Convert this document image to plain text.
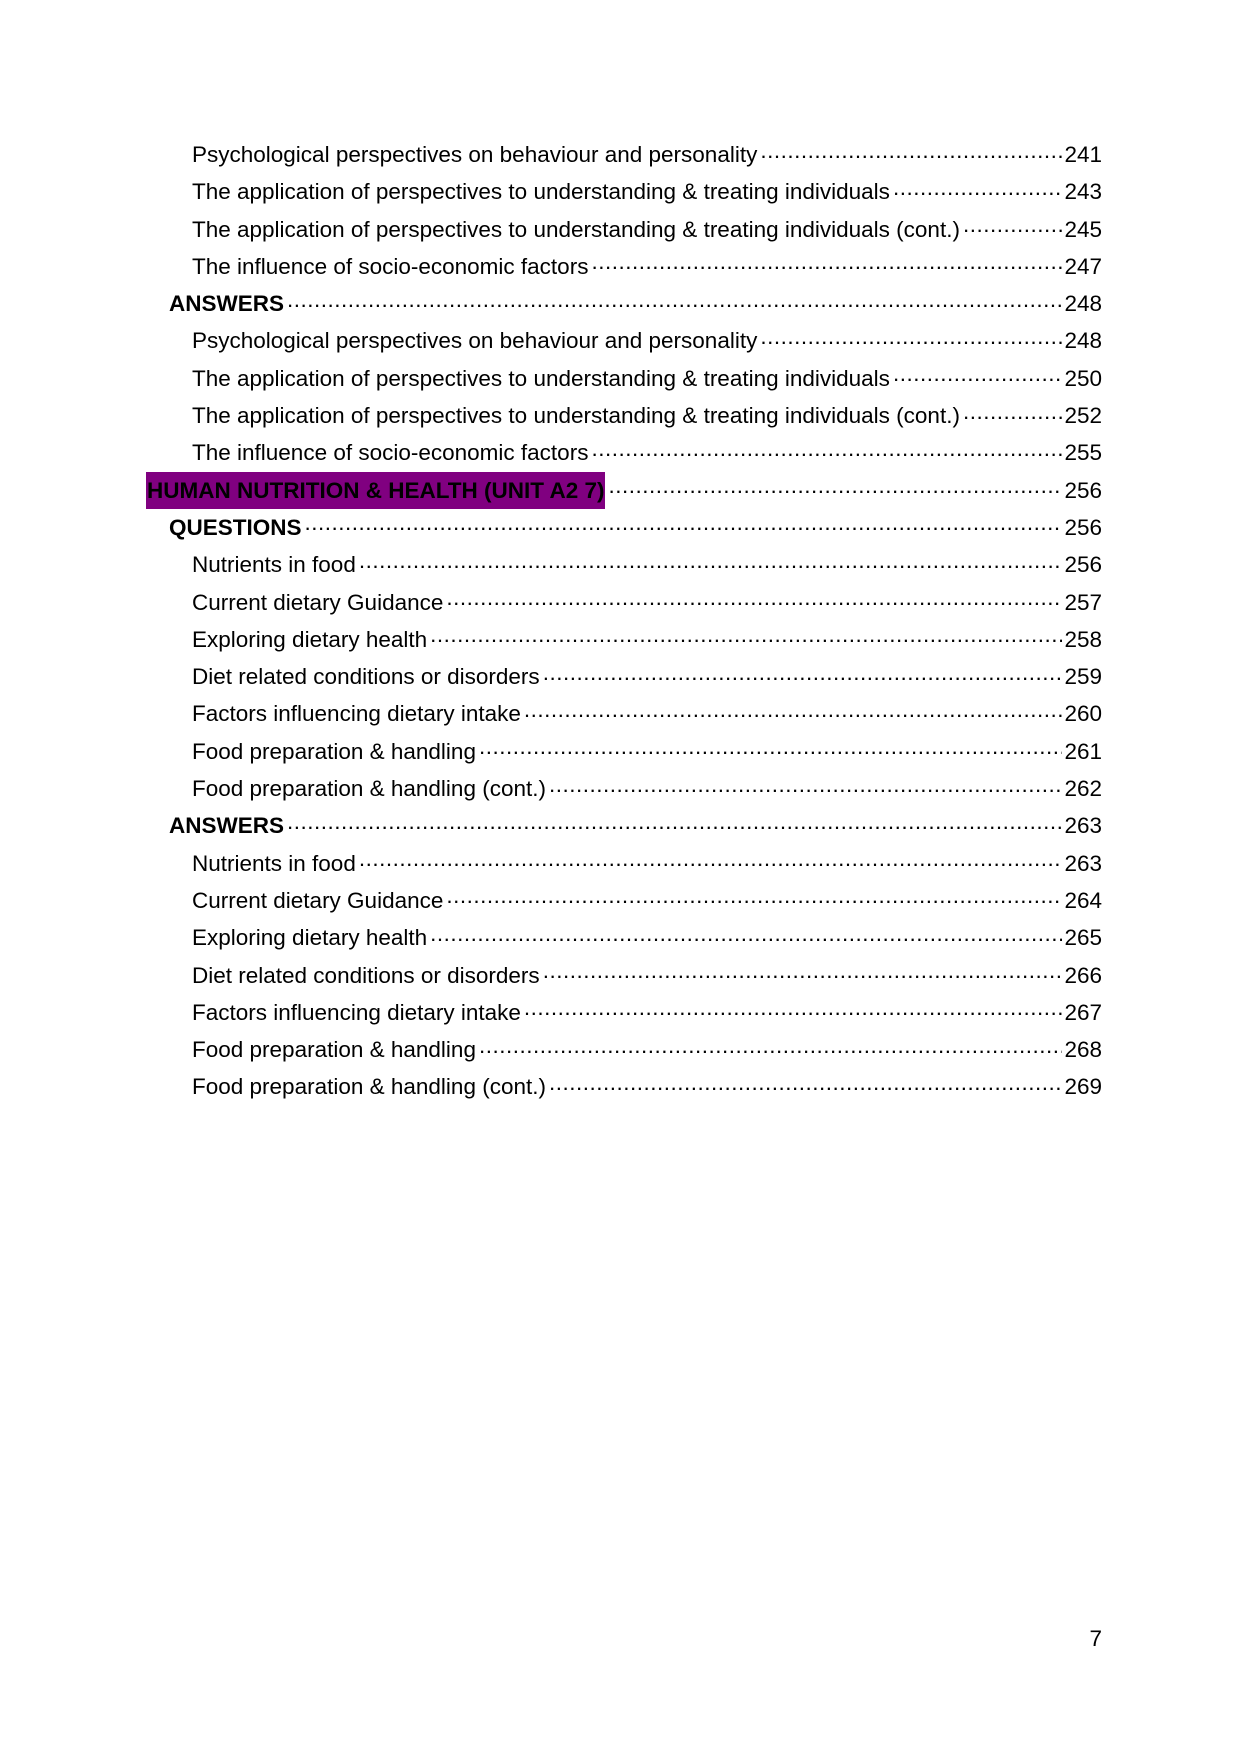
Psychological perspectives on behaviour and personality .....	241
The application of perspectives to understanding & treating individuals .....	243
The application of perspectives to understanding & treating individuals (cont.) .....	245
The influence of socio-economic factors .....	247
ANSWERS .....	248
Psychological perspectives on behaviour and personality .....	248
The application of perspectives to understanding & treating individuals .....	250
The application of perspectives to understanding & treating individuals (cont.) .....	252
The influence of socio-economic factors .....	255
HUMAN NUTRITION & HEALTH (UNIT A2 7) .....	256
QUESTIONS .....	256
Nutrients in food .....	256
Current dietary Guidance .....	257
Exploring dietary health .....	258
Diet related conditions or disorders .....	259
Factors influencing dietary intake .....	260
Food preparation & handling .....	261
Food preparation & handling (cont.) .....	262
ANSWERS .....	263
Nutrients in food .....	263
Current dietary Guidance .....	264
Exploring dietary health .....	265
Diet related conditions or disorders .....	266
Factors influencing dietary intake .....	267
Food preparation & handling .....	268
Food preparation & handling (cont.) .....	269
7
